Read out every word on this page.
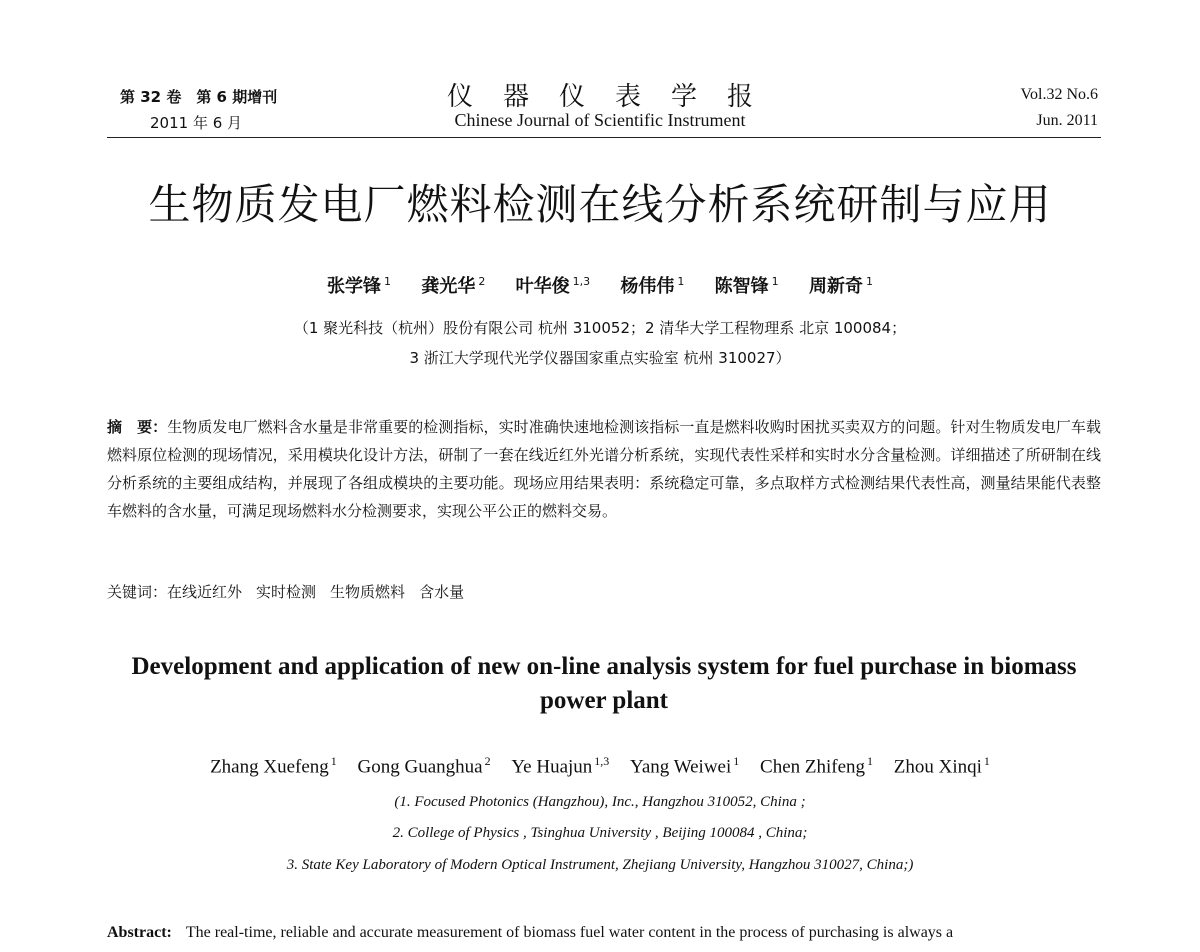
第 32 卷　第 6 期增刊
2011 年 6 月
仪器仪表学报
Chinese Journal of Scientific Instrument
Vol.32 No.6
Jun. 2011
生物质发电厂燃料检测在线分析系统研制与应用
张学锋 $^1$ 龚光华 $^2$ 叶华俊 $^{1,3}$ 杨伟伟 $^1$ 陈智锋 $^1$ 周新奇 $^1$
（1 聚光科技（杭州）股份有限公司 杭州 310052；2 清华大学工程物理系 北京 100084；
3 浙江大学现代光学仪器国家重点实验室 杭州 310027）
摘　要：生物质发电厂燃料含水量是非常重要的检测指标，实时准确快速地检测该指标一直是燃料收购时困扰买卖双方的问题。针对生物质发电厂车载燃料原位检测的现场情况，采用模块化设计方法，研制了一套在线近红外光谱分析系统，实现代表性采样和实时水分含量检测。详细描述了所研制在线分析系统的主要组成结构，并展现了各组成模块的主要功能。现场应用结果表明：系统稳定可靠，多点取样方式检测结果代表性高，测量结果能代表整车燃料的含水量，可满足现场燃料水分检测要求，实现公平公正的燃料交易。
关键词：在线近红外 实时检测 生物质燃料 含水量
Development and application of new on-line analysis system for fuel purchase in biomass power plant
Zhang Xuefeng $^1$ Gong Guanghua $^2$ Ye Huajun $^{1,3}$ Yang Weiwei $^1$ Chen Zhifeng $^1$ Zhou Xinqi $^1$
(1. Focused Photonics (Hangzhou), Inc., Hangzhou 310052, China ;
2. College of Physics , Tsinghua University , Beijing 100084 , China;
3. State Key Laboratory of Modern Optical Instrument, Zhejiang University, Hangzhou 310027, China;)
Abstract: The real-time, reliable and accurate measurement of biomass fuel water content in the process of purchasing is always a
